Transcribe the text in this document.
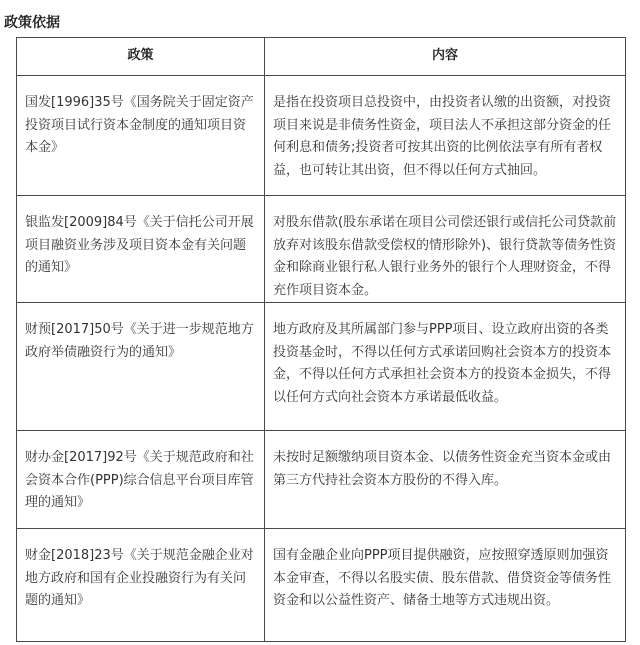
政策依据
政策	内容

国发[1996]35号《国务院关于固定资产投资项目试行资本金制度的通知项目资本金》	是指在投资项目总投资中，由投资者认缴的出资额，对投资项目来说是非债务性资金，项目法人不承担这部分资金的任何利息和债务;投资者可按其出资的比例依法享有所有者权益，也可转让其出资，但不得以任何方式抽回。

银监发[2009]84号《关于信托公司开展项目融资业务涉及项目资本金有关问题的通知》	对股东借款(股东承诺在项目公司偿还银行或信托公司贷款前放弃对该股东借款受偿权的情形除外)、银行贷款等债务性资金和除商业银行私人银行业务外的银行个人理财资金，不得充作项目资本金。

财预[2017]50号《关于进一步规范地方政府举债融资行为的通知》	地方政府及其所属部门参与PPP项目、设立政府出资的各类投资基金时，不得以任何方式承诺回购社会资本方的投资本金，不得以任何方式承担社会资本方的投资本金损失，不得以任何方式向社会资本方承诺最低收益。

财办金[2017]92号《关于规范政府和社会资本合作(PPP)综合信息平台项目库管理的通知》	未按时足额缴纳项目资本金、以债务性资金充当资本金或由第三方代持社会资本方股份的不得入库。

财金[2018]23号《关于规范金融企业对地方政府和国有企业投融资行为有关问题的通知》	国有金融企业向PPP项目提供融资，应按照穿透原则加强资本金审查，不得以名股实债、股东借款、借贷资金等债务性资金和以公益性资产、储备土地等方式违规出资。
